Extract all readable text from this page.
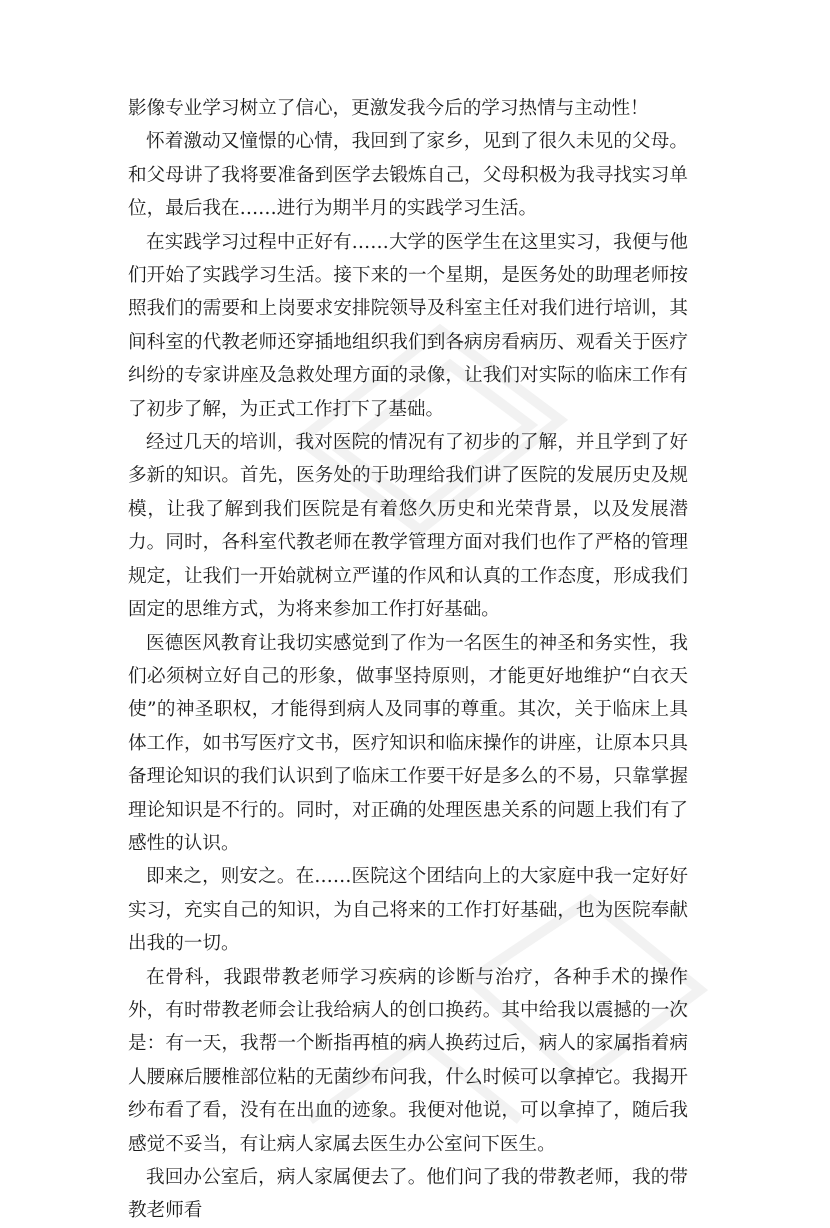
影像专业学习树立了信心，更激发我今后的学习热情与主动性！

怀着激动又憧憬的心情，我回到了家乡，见到了很久未见的父母。和父母讲了我将要准备到医学去锻炼自己，父母积极为我寻找实习单位，最后我在……进行为期半月的实践学习生活。

在实践学习过程中正好有……大学的医学生在这里实习，我便与他们开始了实践学习生活。接下来的一个星期，是医务处的助理老师按照我们的需要和上岗要求安排院领导及科室主任对我们进行培训，其间科室的代教老师还穿插地组织我们到各病房看病历、观看关于医疗纠纷的专家讲座及急救处理方面的录像，让我们对实际的临床工作有了初步了解，为正式工作打下了基础。

经过几天的培训，我对医院的情况有了初步的了解，并且学到了好多新的知识。首先，医务处的于助理给我们讲了医院的发展历史及规模，让我了解到我们医院是有着悠久历史和光荣背景，以及发展潜力。同时，各科室代教老师在教学管理方面对我们也作了严格的管理规定，让我们一开始就树立严谨的作风和认真的工作态度，形成我们固定的思维方式，为将来参加工作打好基础。

医德医风教育让我切实感觉到了作为一名医生的神圣和务实性，我们必须树立好自己的形象，做事坚持原则，才能更好地维护“白衣天使”的神圣职权，才能得到病人及同事的尊重。其次，关于临床上具体工作，如书写医疗文书，医疗知识和临床操作的讲座，让原本只具备理论知识的我们认识到了临床工作要干好是多么的不易，只靠掌握理论知识是不行的。同时，对正确的处理医患关系的问题上我们有了感性的认识。

即来之，则安之。在……医院这个团结向上的大家庭中我一定好好实习，充实自己的知识，为自己将来的工作打好基础，也为医院奉献出我的一切。

在骨科，我跟带教老师学习疾病的诊断与治疗，各种手术的操作外，有时带教老师会让我给病人的创口换药。其中给我以震撼的一次是：有一天，我帮一个断指再植的病人换药过后，病人的家属指着病人腰麻后腰椎部位粘的无菌纱布问我，什么时候可以拿掉它。我揭开纱布看了看，没有在出血的迹象。我便对他说，可以拿掉了，随后我感觉不妥当，有让病人家属去医生办公室问下医生。

我回办公室后，病人家属便去了。他们问了我的带教老师，我的带教老师看
